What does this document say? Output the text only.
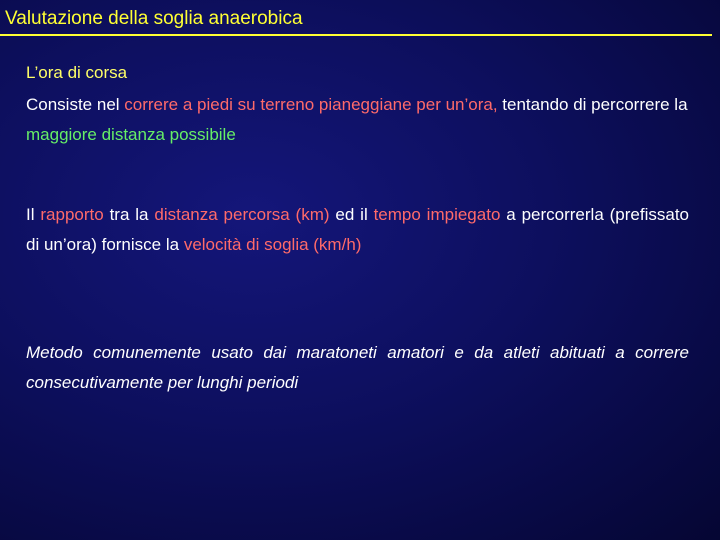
Valutazione della soglia anaerobica
L’ora di corsa
Consiste nel correre a piedi su terreno pianeggiane per un’ora, tentando di percorrere la maggiore distanza possibile
Il rapporto tra la distanza percorsa (km) ed il tempo impiegato a percorrerla (prefissato di un’ora) fornisce la velocità di soglia (km/h)
Metodo comunemente usato dai maratoneti amatori e da atleti abituati a correre consecutivamente per lunghi periodi
